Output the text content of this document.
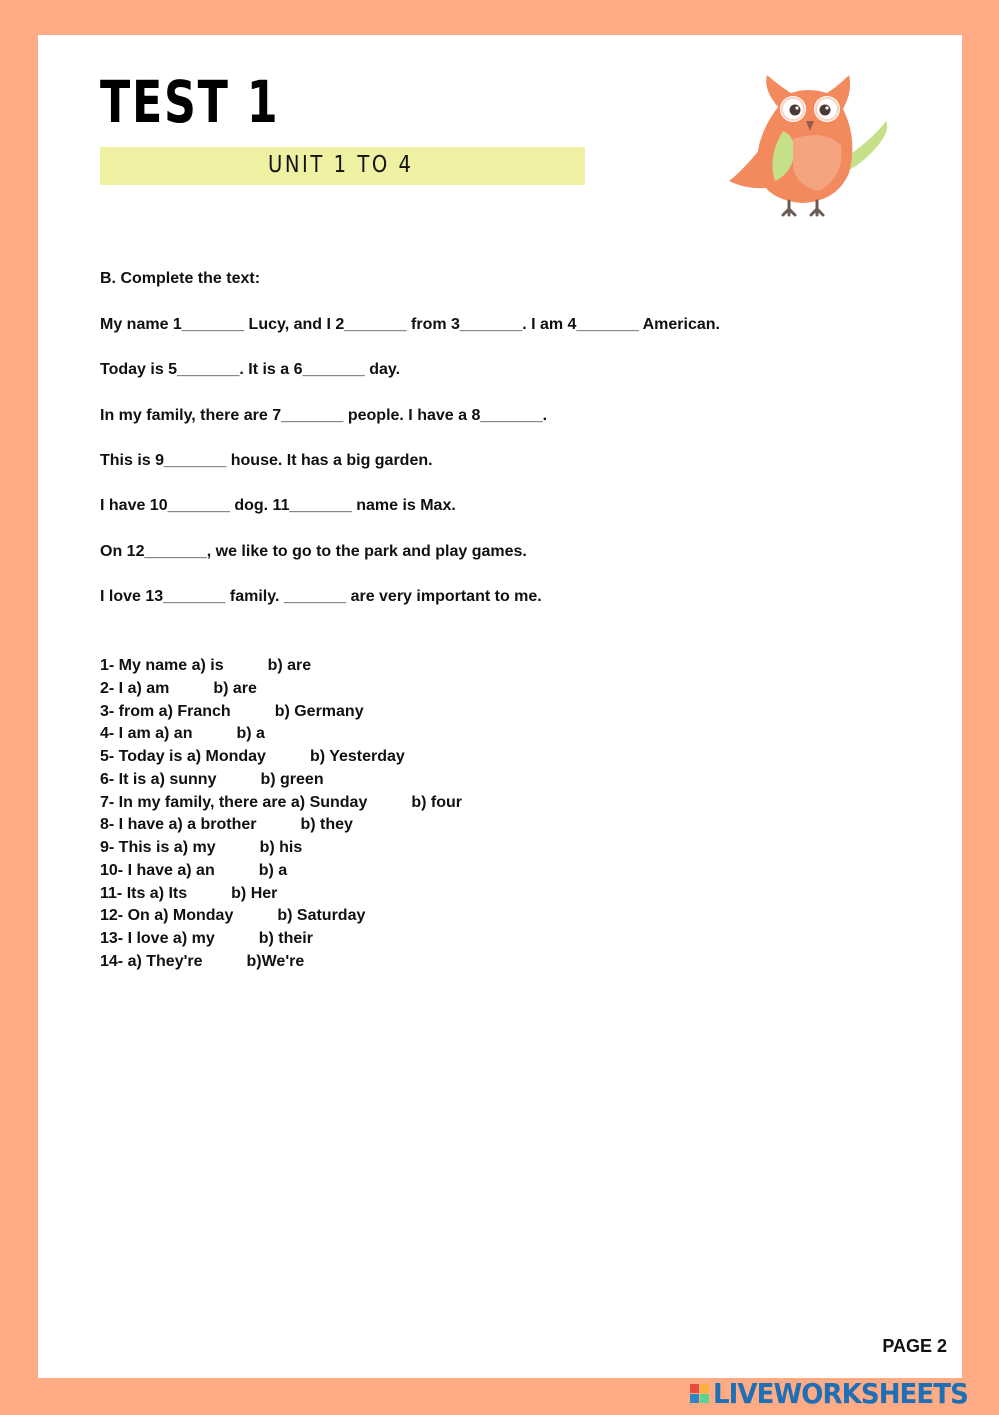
TEST 1
UNIT 1 TO 4
B. Complete the text:
My name 1_______ Lucy, and I 2_______ from 3_______. I am 4_______ American.
Today is 5_______. It is a 6_______ day.
In my family, there are 7_______ people. I have a 8_______.
This is 9_______ house. It has a big garden.
I have 10_______ dog. 11_______ name is Max.
On 12_______, we like to go to the park and play games.
I love 13_______ family. _______ are very important to me.
1- My name a) is	b) are
2- I a) am	b) are
3- from a) Franch	b) Germany
4- I am a) an	b) a
5- Today is a) Monday	b) Yesterday
6- It is a) sunny	b) green
7- In my family, there are a) Sunday	b) four
8- I have a) a brother	b) they
9- This is a) my	b) his
10- I have a) an	b) a
11- Its a) Its	b) Her
12- On a) Monday	b) Saturday
13- I love a) my	b) their
14- a) They're	b)We're
PAGE 2
LIVEWORKSHEETS
